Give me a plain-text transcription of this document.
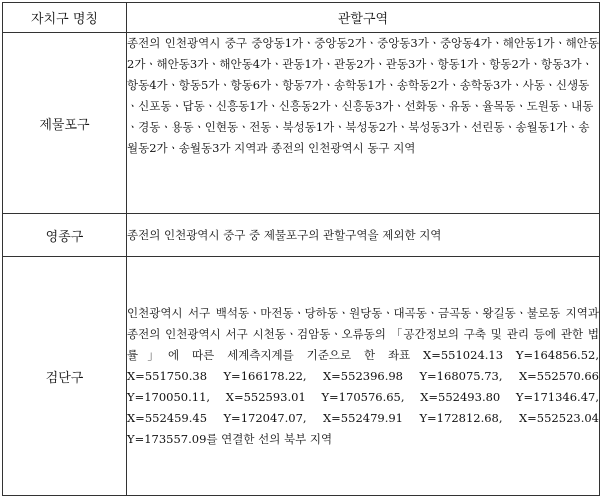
자치구 명칭	관할구역
제물포구	종전의 인천광역시 중구 중앙동1가ㆍ중앙동2가ㆍ중앙동3가ㆍ중앙동4가ㆍ해안동1가ㆍ해안동2가ㆍ해안동3가ㆍ해안동4가ㆍ관동1가ㆍ관동2가ㆍ관동3가ㆍ항동1가ㆍ항동2가ㆍ항동3가ㆍ항동4가ㆍ항동5가ㆍ항동6가ㆍ항동7가ㆍ송학동1가ㆍ송학동2가ㆍ송학동3가ㆍ사동ㆍ신생동ㆍ신포동ㆍ답동ㆍ신흥동1가ㆍ신흥동2가ㆍ신흥동3가ㆍ선화동ㆍ유동ㆍ율목동ㆍ도원동ㆍ내동ㆍ경동ㆍ용동ㆍ인현동ㆍ전동ㆍ북성동1가ㆍ북성동2가ㆍ북성동3가ㆍ선린동ㆍ송월동1가ㆍ송월동2가ㆍ송월동3가 지역과 종전의 인천광역시 동구 지역

영종구	종전의 인천광역시 중구 중 제물포구의 관할구역을 제외한 지역

검단구	인천광역시 서구 백석동ㆍ마전동ㆍ당하동ㆍ원당동ㆍ대곡동ㆍ금곡동ㆍ왕길동ㆍ불로동 지역과 종전의 인천광역시 서구 시천동ㆍ검암동ㆍ오류동의 「공간정보의 구축 및 관리 등에 관한 법률」에 따른 세계측지계를 기준으로 한 좌표 X=551024.13 Y=164856.52, X=551750.38 Y=166178.22, X=552396.98 Y=168075.73, X=552570.66 Y=170050.11, X=552593.01 Y=170576.65, X=552493.80 Y=171346.47, X=552459.45 Y=172047.07, X=552479.91 Y=172812.68, X=552523.04 Y=173557.09를 연결한 선의 북부 지역
